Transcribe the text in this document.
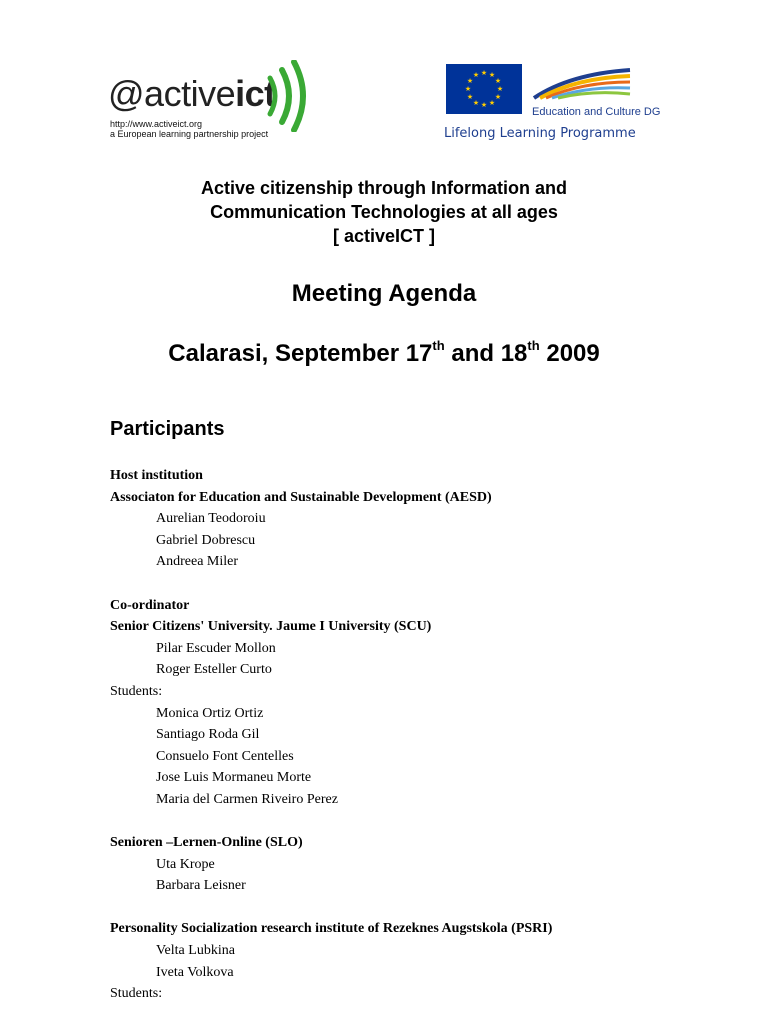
@activeict
http://www.activeict.org
a European learning partnership project
★ ★
★
★
★
★
★
★
★
★
★
★
Education and Culture DG
Lifelong Learning Programme
Active citizenship through Information and
Communication Technologies at all ages
[ activeICT ]
Meeting Agenda
Calarasi, September 17th and 18th 2009
Participants
Host institution
Associaton for Education and Sustainable Development (AESD)
Aurelian Teodoroiu
Gabriel Dobrescu
Andreea Miler
Co-ordinator
Senior Citizens' University. Jaume I University (SCU)
Pilar Escuder Mollon
Roger Esteller Curto
Students:
Monica Ortiz Ortiz
Santiago Roda Gil
Consuelo Font Centelles
Jose Luis Mormaneu Morte
Maria del Carmen Riveiro Perez
Senioren –Lernen-Online (SLO)
Uta Krope
Barbara Leisner
Personality Socialization research institute of Rezeknes Augstskola (PSRI)
Velta Lubkina
Iveta Volkova
Students:
